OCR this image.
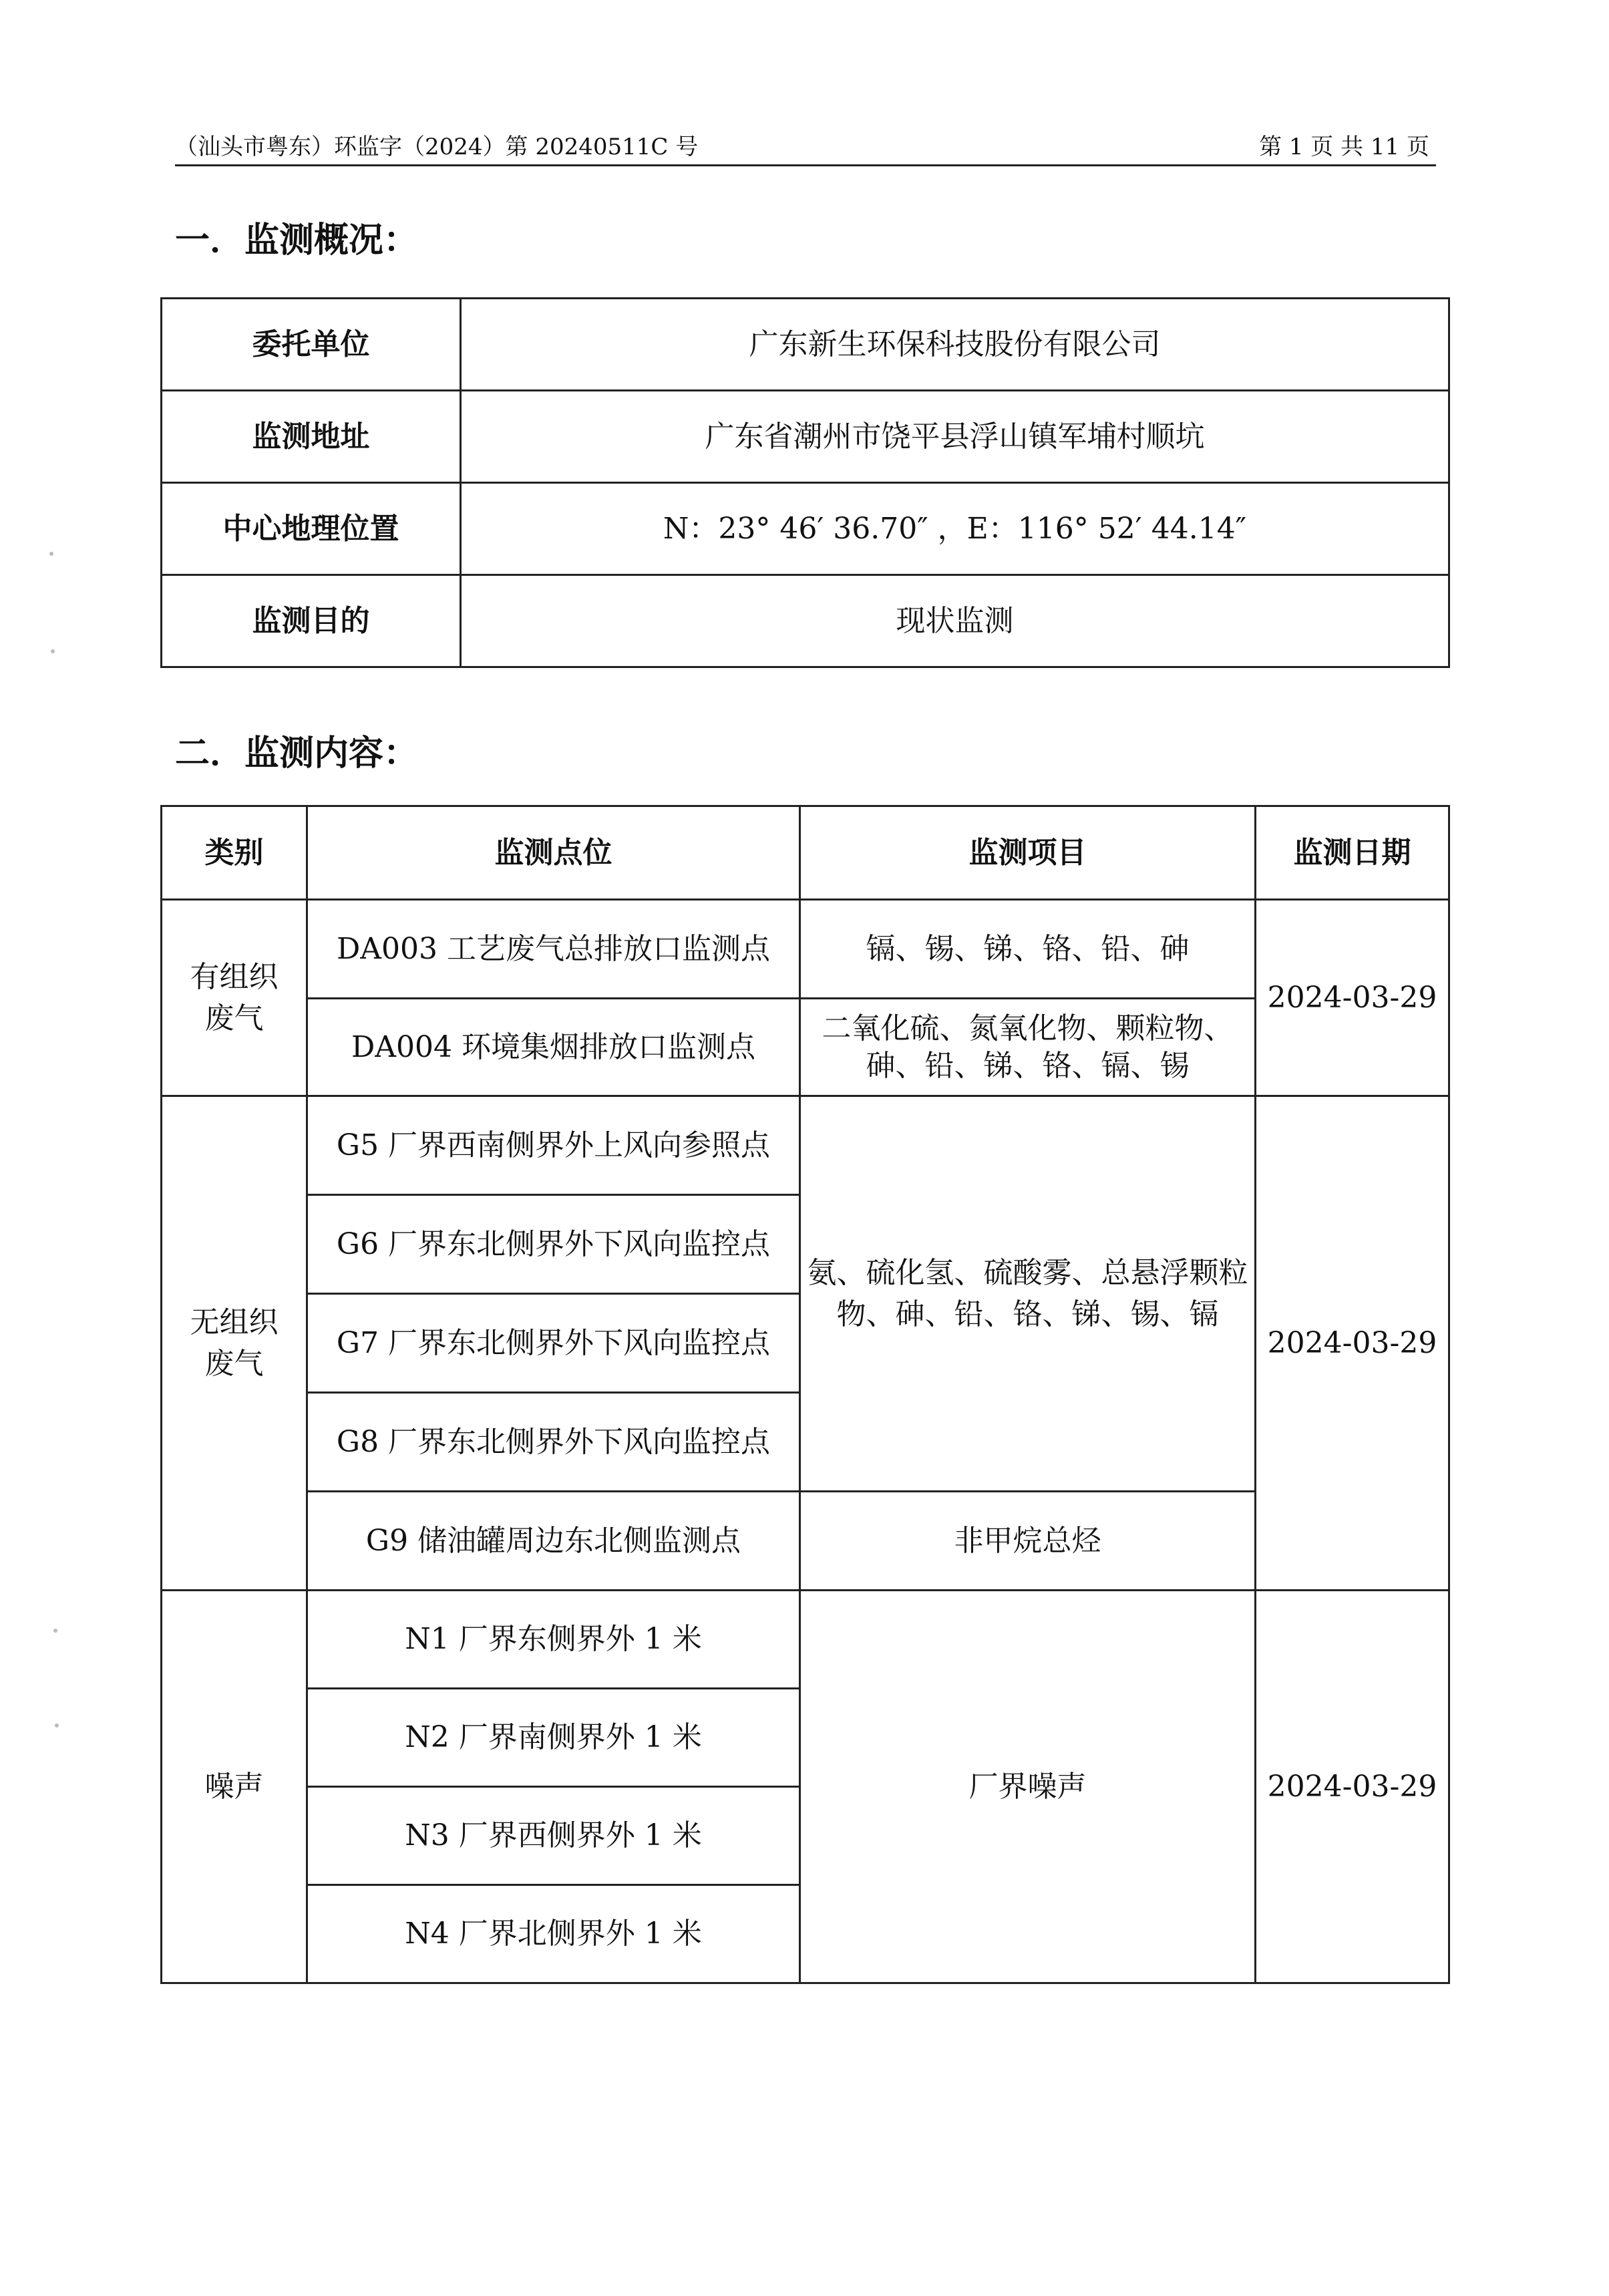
（汕头市粤东）环监字（2024）第 20240511C 号	第 1 页 共 11 页
一．监测概况：
委托单位	广东新生环保科技股份有限公司
监测地址	广东省潮州市饶平县浮山镇军埔村顺坑
中心地理位置	N：23° 46′ 36.70″ ，E：116° 52′ 44.14″
监测目的	现状监测
二．监测内容：
类别	监测点位	监测项目	监测日期
有组织废气	DA003 工艺废气总排放口监测点	镉、锡、锑、铬、铅、砷	2024-03-29
	DA004 环境集烟排放口监测点	二氧化硫、氮氧化物、颗粒物、砷、铅、锑、铬、镉、锡	
无组织废气	G5 厂界西南侧界外上风向参照点	氨、硫化氢、硫酸雾、总悬浮颗粒物、砷、铅、铬、锑、锡、镉	2024-03-29
	G6 厂界东北侧界外下风向监控点		
	G7 厂界东北侧界外下风向监控点		
	G8 厂界东北侧界外下风向监控点		
	G9 储油罐周边东北侧监测点	非甲烷总烃	
噪声	N1 厂界东侧界外 1 米	厂界噪声	2024-03-29
	N2 厂界南侧界外 1 米		
	N3 厂界西侧界外 1 米		
	N4 厂界北侧界外 1 米		
